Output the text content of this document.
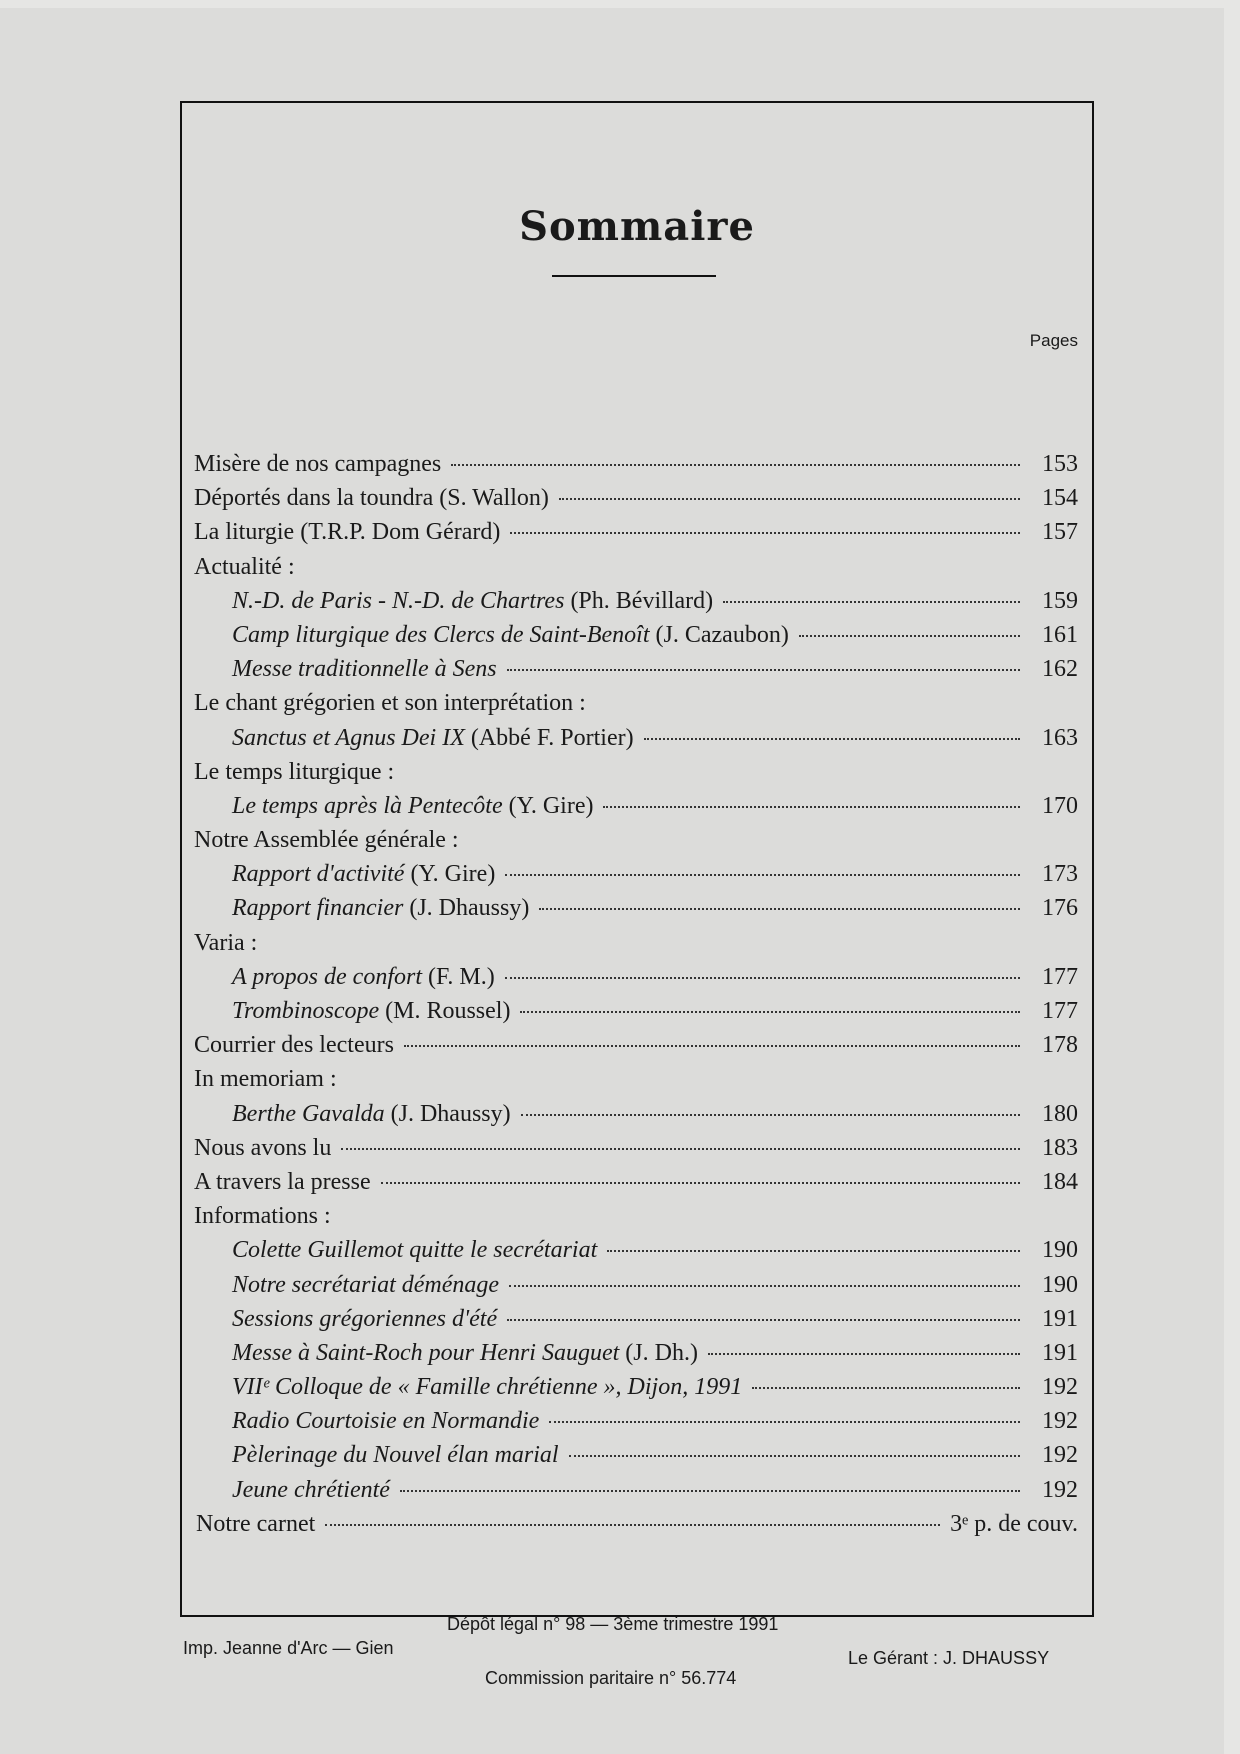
Sommaire
Pages
Misère de nos campagnes	153
Déportés dans la toundra (S. Wallon)	154
La liturgie (T.R.P. Dom Gérard)	157
Actualité :
N.-D. de Paris - N.-D. de Chartres (Ph. Bévillard)	159
Camp liturgique des Clercs de Saint-Benoît (J. Cazaubon)	161
Messe traditionnelle à Sens	162
Le chant grégorien et son interprétation :
Sanctus et Agnus Dei IX (Abbé F. Portier)	163
Le temps liturgique :
Le temps après là Pentecôte (Y. Gire)	170
Notre Assemblée générale :
Rapport d'activité (Y. Gire)	173
Rapport financier (J. Dhaussy)	176
Varia :
A propos de confort (F. M.)	177
Trombinoscope (M. Roussel)	177
Courrier des lecteurs	178
In memoriam :
Berthe Gavalda (J. Dhaussy)	180
Nous avons lu	183
A travers la presse	184
Informations :
Colette Guillemot quitte le secrétariat	190
Notre secrétariat déménage	190
Sessions grégoriennes d'été	191
Messe à Saint-Roch pour Henri Sauguet (J. Dh.)	191
VIIᵉ Colloque de « Famille chrétienne », Dijon, 1991	192
Radio Courtoisie en Normandie	192
Pèlerinage du Nouvel élan marial	192
Jeune chrétienté	192
Notre carnet	3ᵉ p. de couv.
Dépôt légal n° 98 — 3ème trimestre 1991
Imp. Jeanne d'Arc — Gien	Le Gérant : J. DHAUSSY
Commission paritaire n° 56.774
